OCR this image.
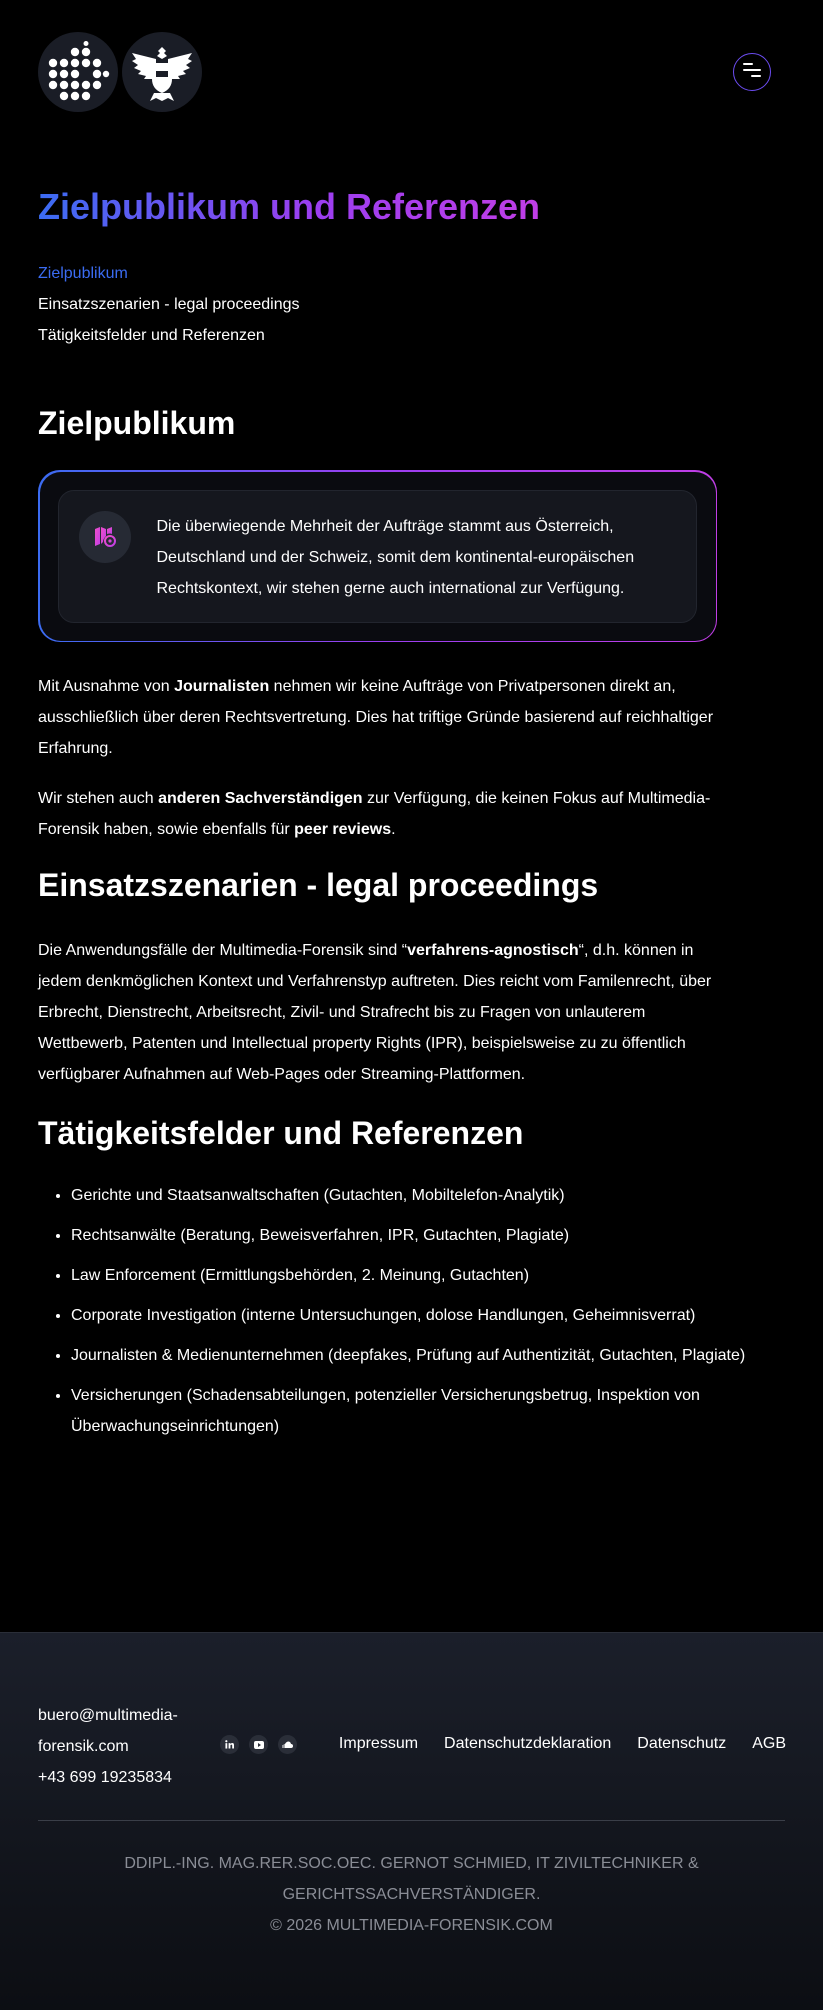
Zielpublikum und Referenzen
Zielpublikum
Einsatzszenarien - legal proceedings
Tätigkeitsfelder und Referenzen
Zielpublikum

Die überwiegende Mehrheit der Aufträge stammt aus Österreich, Deutschland und der Schweiz, somit dem kontinental-europäischen Rechtskontext, wir stehen gerne auch international zur Verfügung.

Mit Ausnahme von Journalisten nehmen wir keine Aufträge von Privatpersonen direkt an, ausschließlich über deren Rechtsvertretung. Dies hat triftige Gründe basierend auf reichhaltiger Erfahrung.

Wir stehen auch anderen Sachverständigen zur Verfügung, die keinen Fokus auf Multimedia-Forensik haben, sowie ebenfalls für peer reviews.

Einsatzszenarien - legal proceedings

Die Anwendungsfälle der Multimedia-Forensik sind “verfahrens-agnostisch“, d.h. können in jedem denkmöglichen Kontext und Verfahrenstyp auftreten. Dies reicht vom Familenrecht, über Erbrecht, Dienstrecht, Arbeitsrecht, Zivil- und Strafrecht bis zu Fragen von unlauterem Wettbewerb, Patenten und Intellectual property Rights (IPR), beispielsweise zu zu öffentlich verfügbarer Aufnahmen auf Web-Pages oder Streaming-Plattformen.

Tätigkeitsfelder und Referenzen
• Gerichte und Staatsanwaltschaften (Gutachten, Mobiltelefon-Analytik)
• Rechtsanwälte (Beratung, Beweisverfahren, IPR, Gutachten, Plagiate)
• Law Enforcement (Ermittlungsbehörden, 2. Meinung, Gutachten)
• Corporate Investigation (interne Untersuchungen, dolose Handlungen, Geheimnisverrat)
• Journalisten & Medienunternehmen (deepfakes, Prüfung auf Authentizität, Gutachten, Plagiate)
• Versicherungen (Schadensabteilungen, potenzieller Versicherungsbetrug, Inspektion von Überwachungseinrichtungen)
buero@multimedia-forensik.com
+43 699 19235834
Impressum Datenschutzdeklaration Datenschutz AGB
DDIPL.-ING. MAG.RER.SOC.OEC. GERNOT SCHMIED, IT ZIVILTECHNIKER & GERICHTSSACHVERSTÄNDIGER.
© 2026 MULTIMEDIA-FORENSIK.COM
